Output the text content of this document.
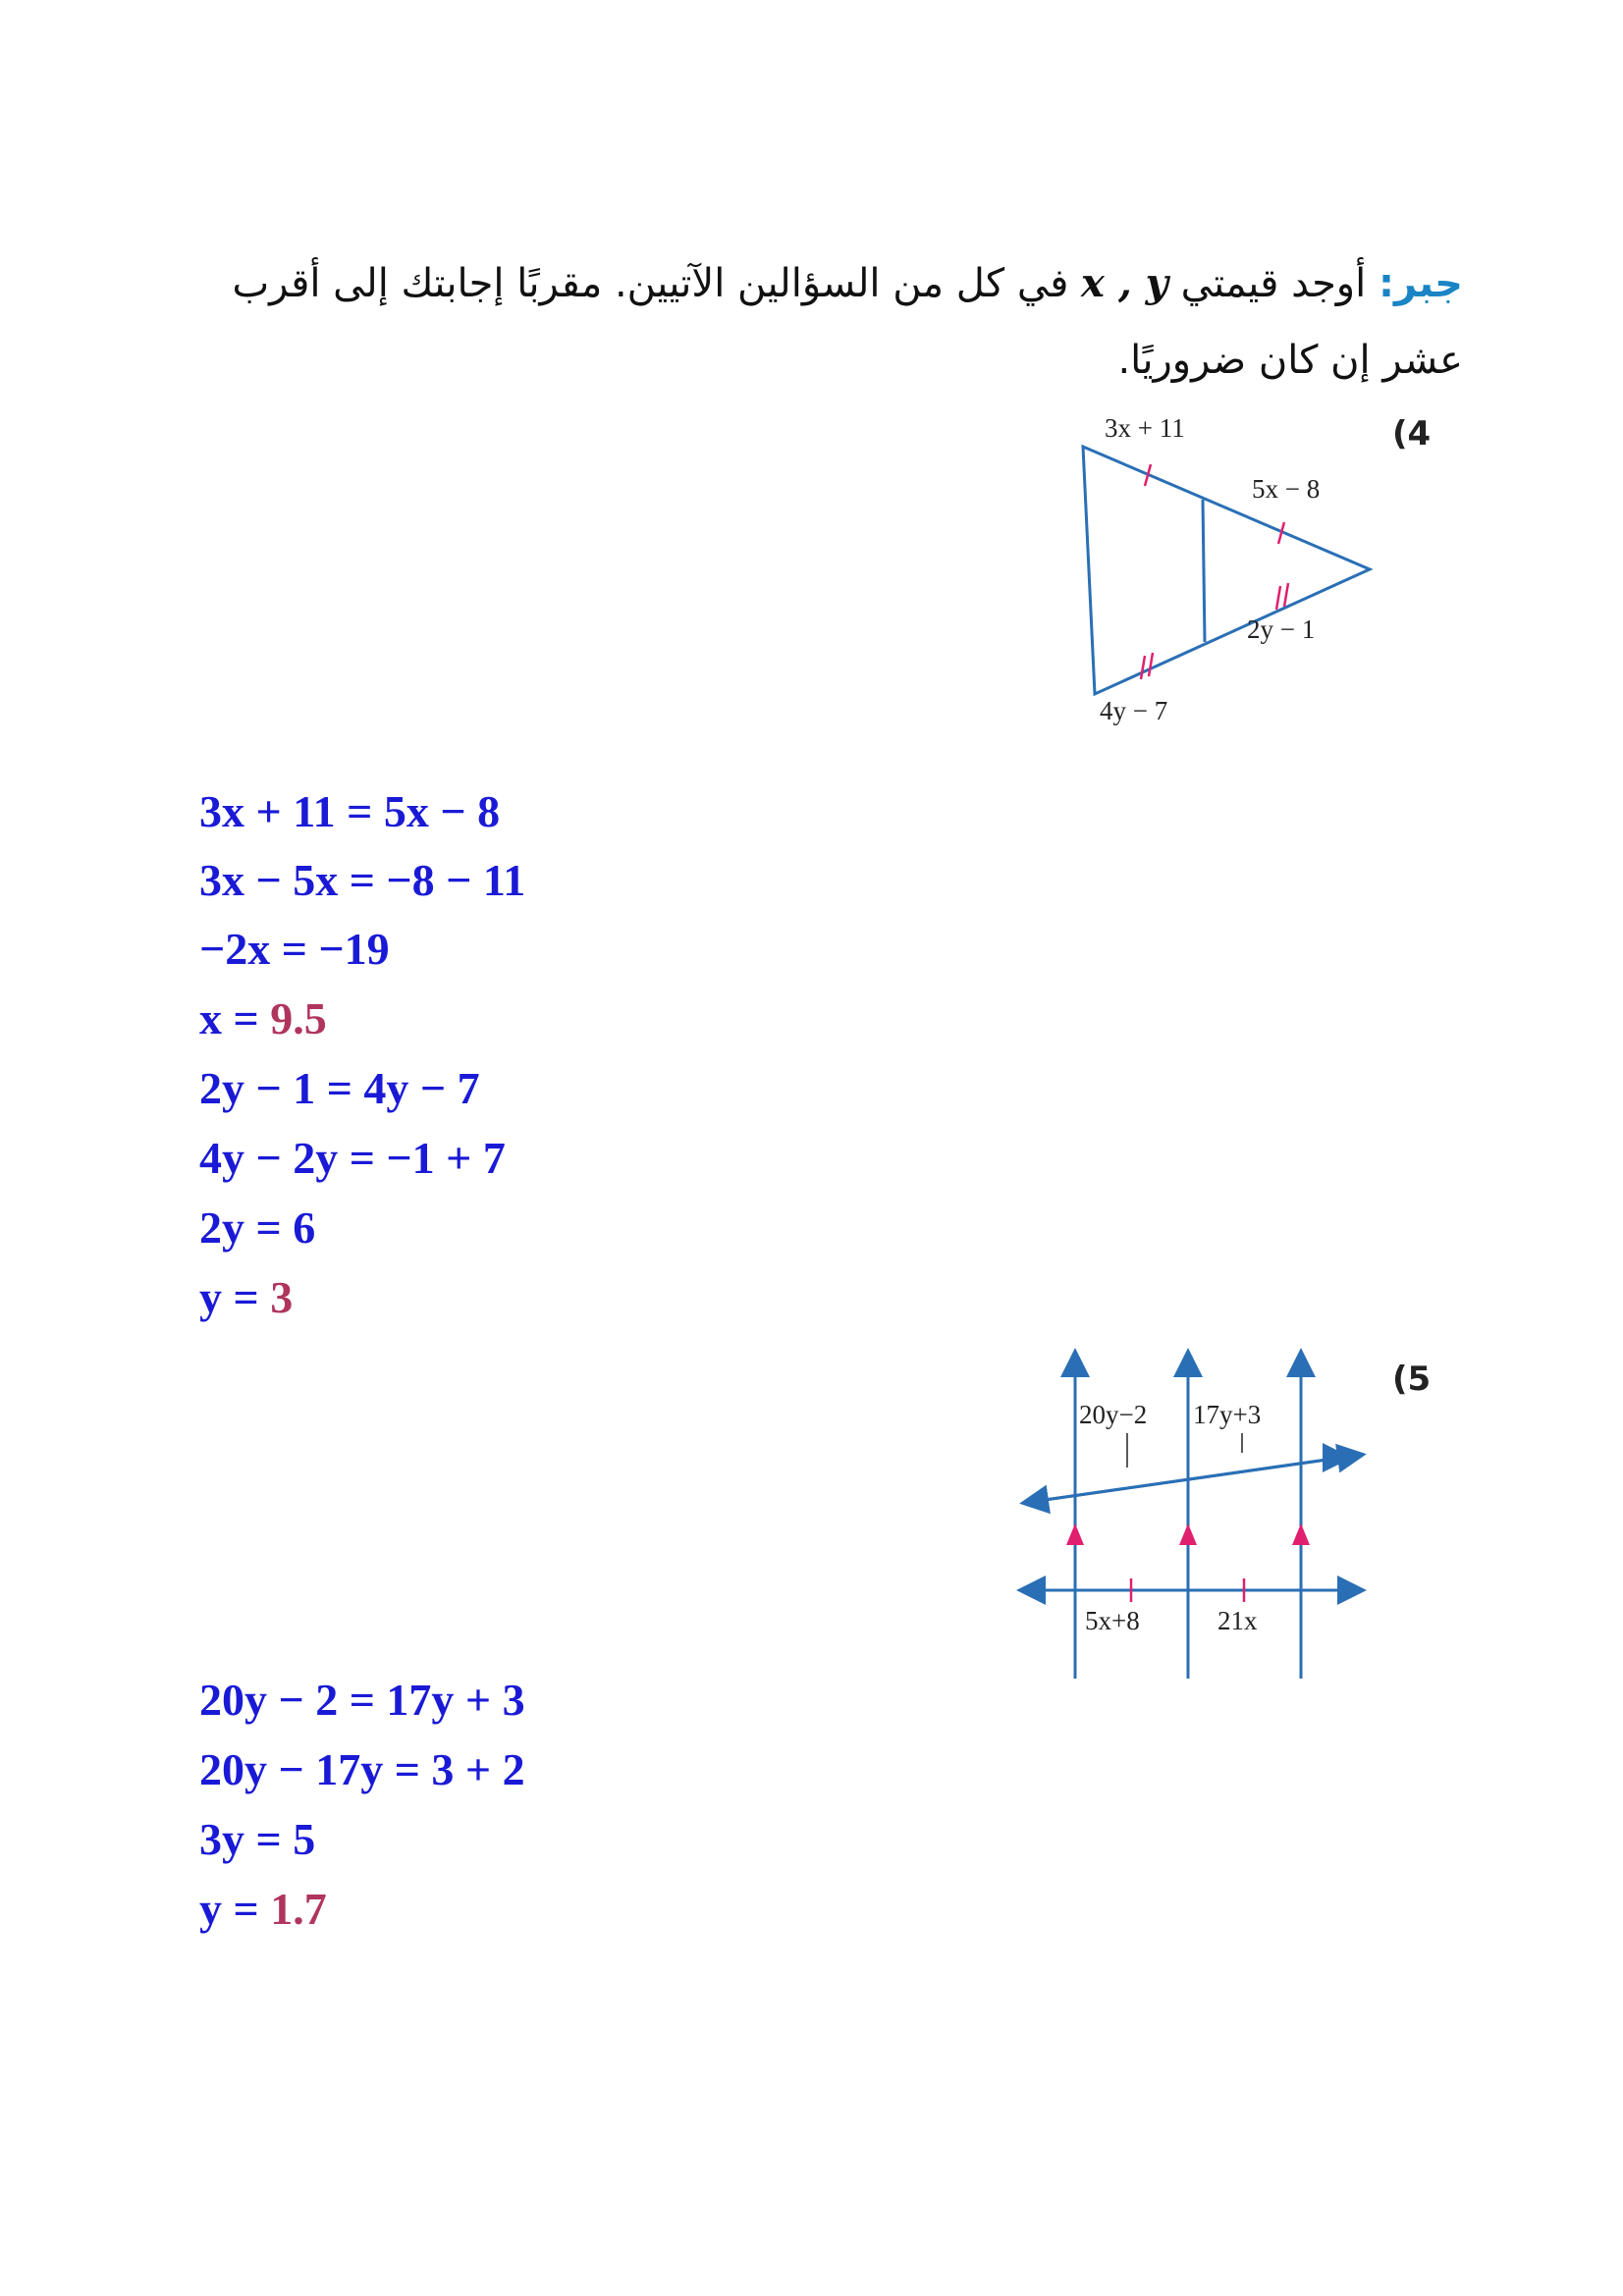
جبر: أوجد قيمتي x , y في كل من السؤالين الآتيين. مقربًا إجابتك إلى أقرب عشر إن كان ضروريًا.
(4
3x + 11
5x − 8
2y − 1
4y − 7
3x + 11 = 5x − 8
3x − 5x = −8 − 11
−2x = −19
x = 9.5
2y − 1 = 4y − 7
4y − 2y = −1 + 7
2y = 6
y = 3
(5
20y−2 17y+3
5x+8	21x
20y − 2 = 17y + 3
20y − 17y = 3 + 2
3y = 5
y = 1.7
